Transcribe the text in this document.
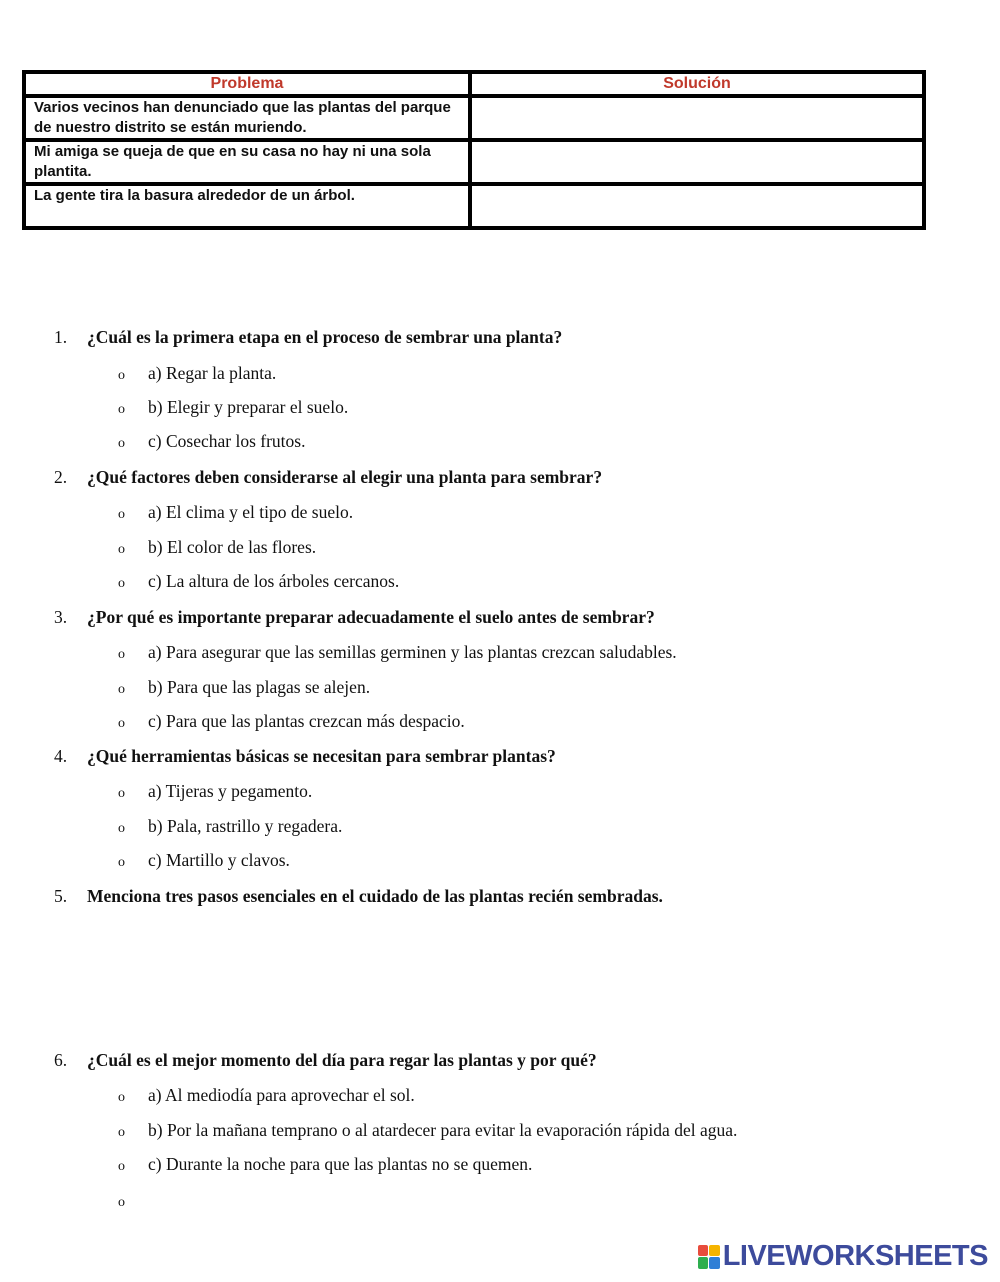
Problema	Solución
Varios vecinos han denunciado que las plantas del parque de nuestro distrito se están muriendo.	
Mi amiga se queja de que en su casa no hay ni una sola plantita.	
La gente tira la basura alrededor de un árbol.	
1. ¿Cuál es la primera etapa en el proceso de sembrar una planta?
o a) Regar la planta.
o b) Elegir y preparar el suelo.
o c) Cosechar los frutos.
2. ¿Qué factores deben considerarse al elegir una planta para sembrar?
o a) El clima y el tipo de suelo.
o b) El color de las flores.
o c) La altura de los árboles cercanos.
3. ¿Por qué es importante preparar adecuadamente el suelo antes de sembrar?
o a) Para asegurar que las semillas germinen y las plantas crezcan saludables.
o b) Para que las plagas se alejen.
o c) Para que las plantas crezcan más despacio.
4. ¿Qué herramientas básicas se necesitan para sembrar plantas?
o a) Tijeras y pegamento.
o b) Pala, rastrillo y regadera.
o c) Martillo y clavos.
5. Menciona tres pasos esenciales en el cuidado de las plantas recién sembradas.
6. ¿Cuál es el mejor momento del día para regar las plantas y por qué?
o a) Al mediodía para aprovechar el sol.
o b) Por la mañana temprano o al atardecer para evitar la evaporación rápida del agua.
o c) Durante la noche para que las plantas no se quemen.
o
LIVEWORKSHEETS
